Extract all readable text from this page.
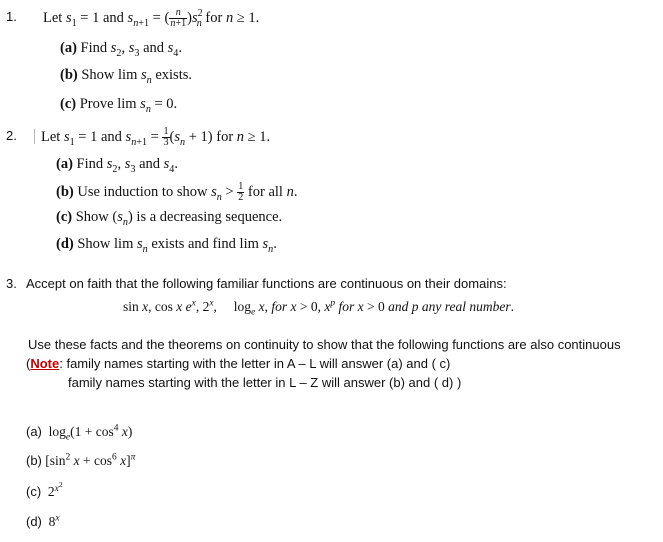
1. Let $s_1 = 1$ and $s_{n+1}$ = ( $\frac{n}{n+1} )s^2_n$ for n ≥ 1.
(a) Find $s_2$, $s_3$ and $s_4$.
(b) Show $\lim s_n$ exists.
(c) Prove $\lim s_n = 0$.
2. Let $s_1 = 1$ and $s_{n+1} = \frac{1}{3} (s_n + 1)$ for n ≥ 1.
(a) Find $s_2$, $s_3$ and $s_4$.
(b) Use induction to show $s_n > \frac{1}{2}$ for all n.
(c) Show $(s_n)$ is a decreasing sequence.
(d) Show $\lim s_n$ exists and find $\lim s_n$.
3. Accept on faith that the following familiar functions are continuous on their domains:
sin x, cos x $e^x$, 2$^x$,     $\log_e x$, for x > 0, $x^p$ for x > 0 and p any real number.
Use these facts and the theorems on continuity to show that the following functions are also continuous
(Note: family names starting with the letter in A – L will answer (a) and ( c)
family names starting with the letter in L – Z will answer (b) and ( d) )
(a)  $\log_e(1 + \cos^4 x)$
(b) [$\sin^2$ $x + \cos^6 x]^\pi$
(c)  $2^{x^2}$
(d)  8$^x$
